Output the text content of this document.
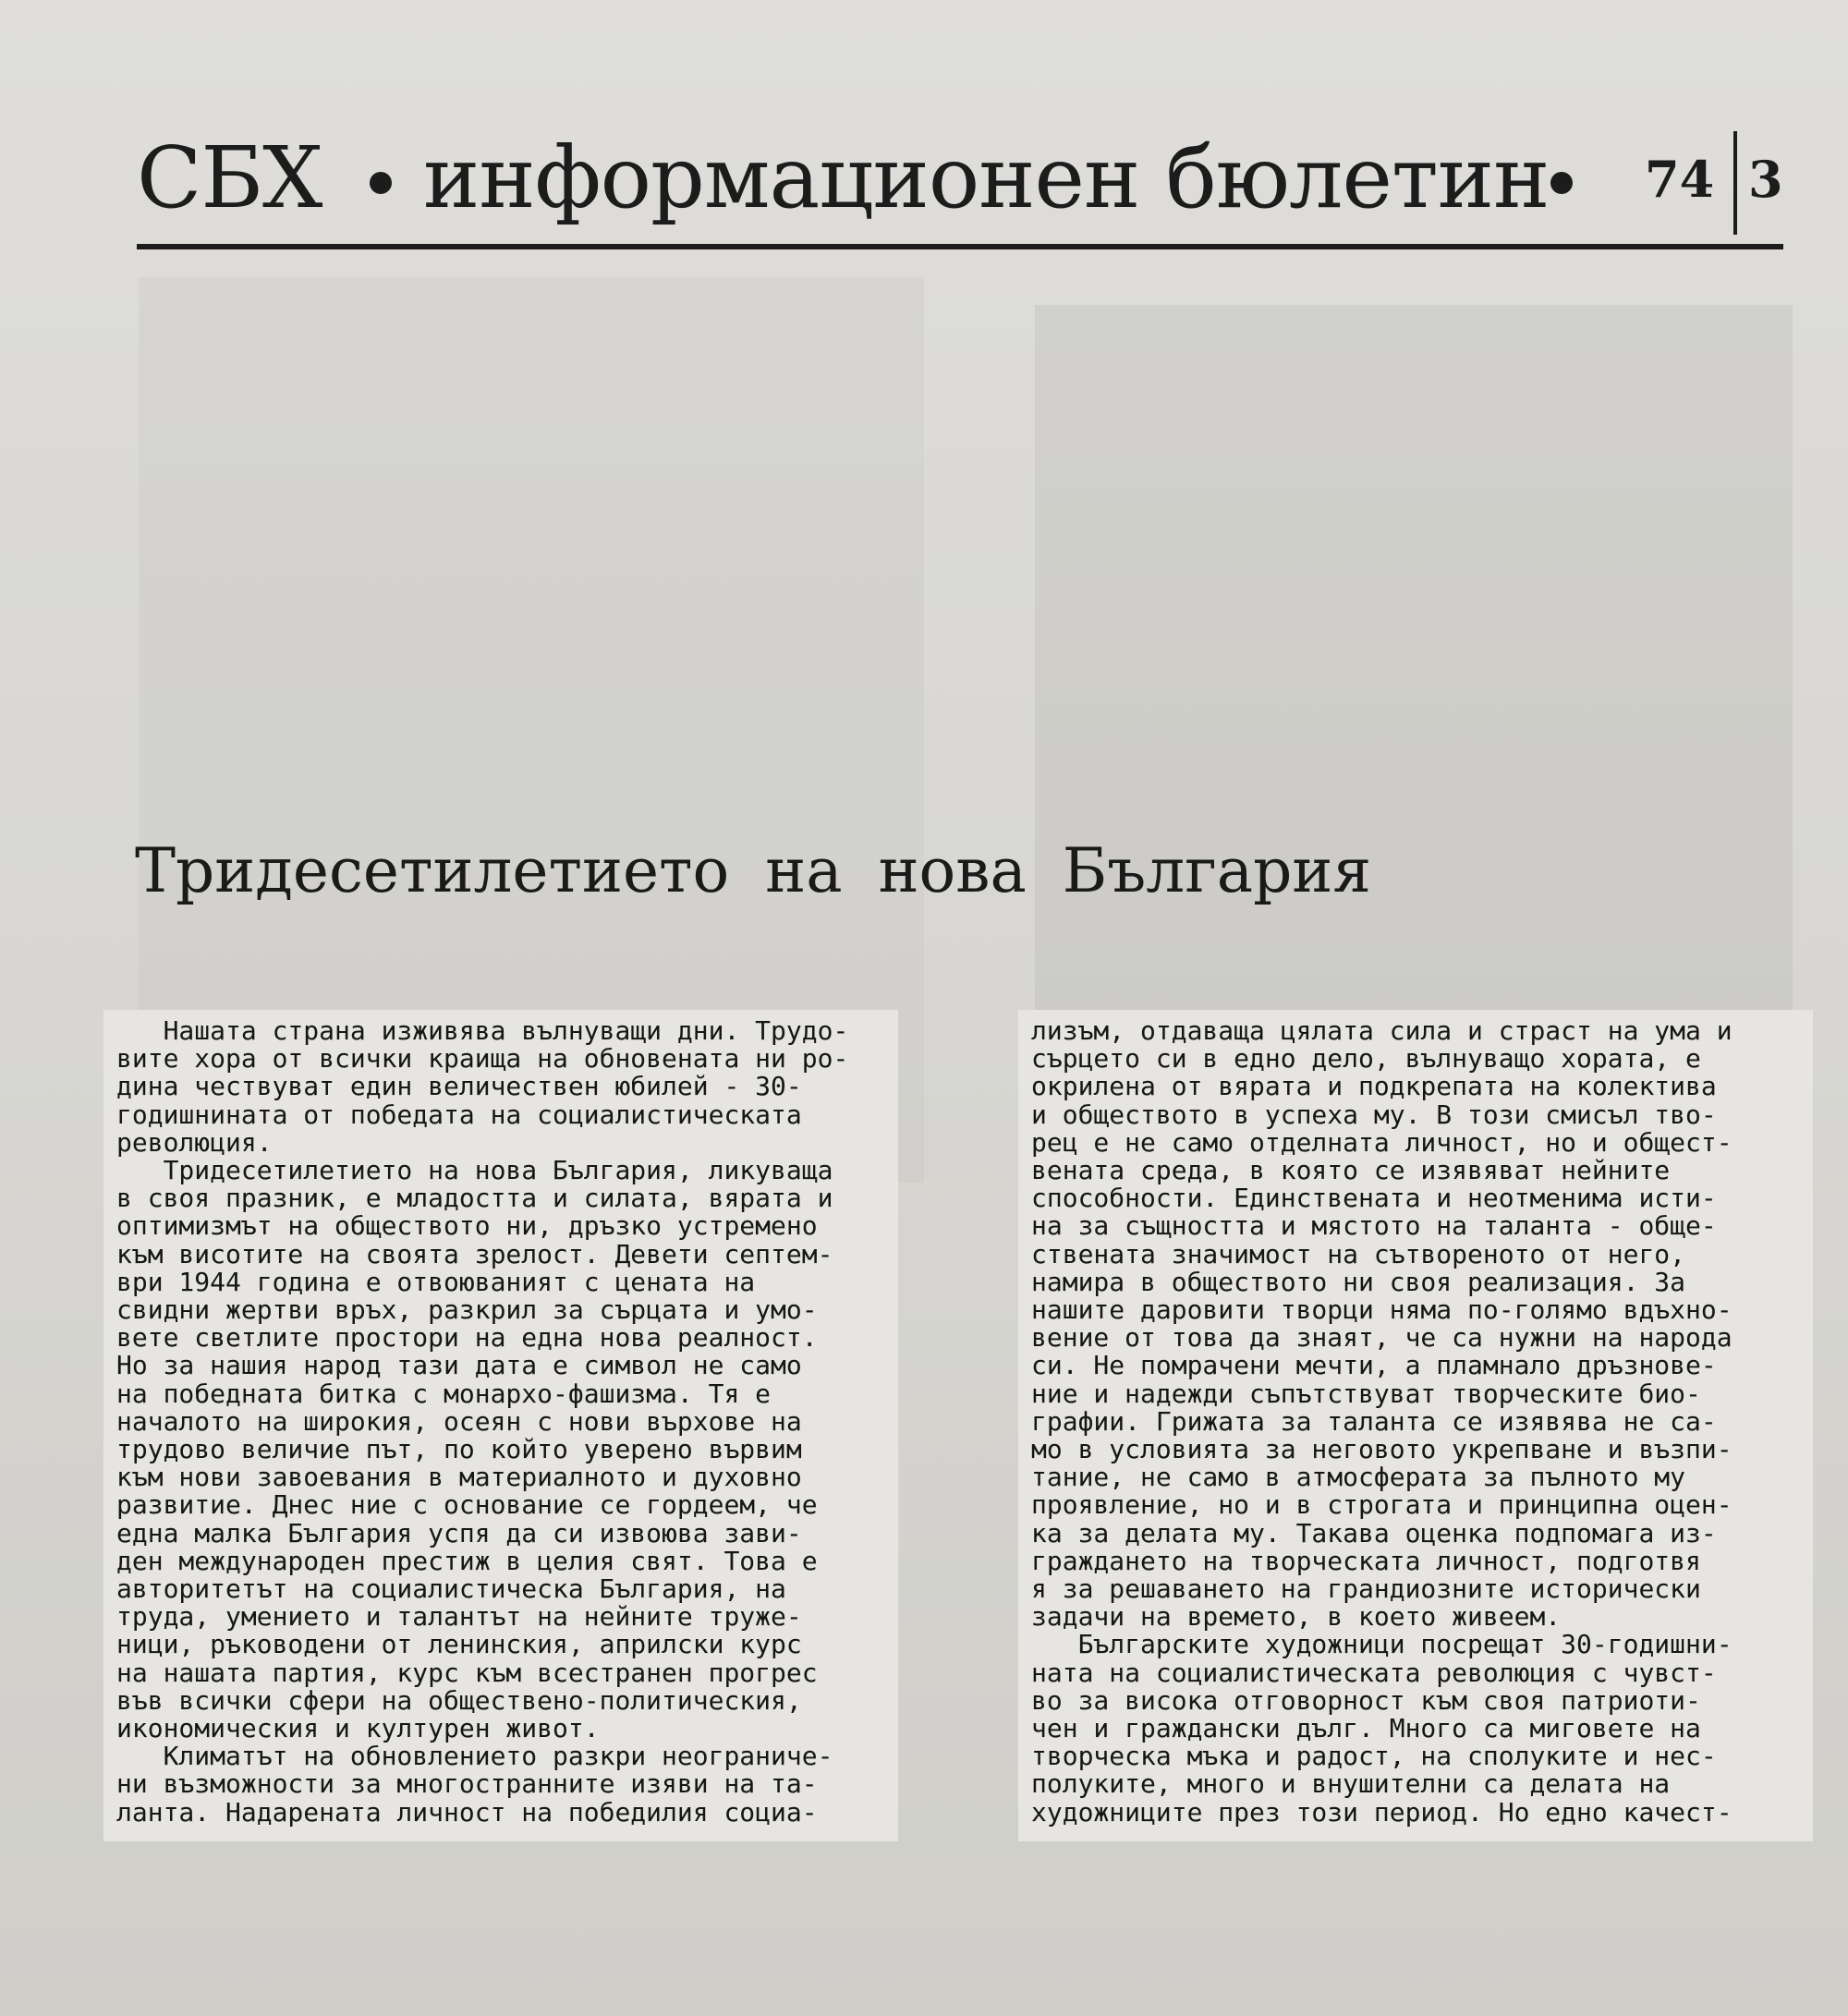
СБХ информационен бюлетин 74 3
Тридесетилетието на нова България
Нашата страна изживява вълнуващи дни. Трудо-
вите хора от всички краища на обновената ни ро-
дина чествуват един величествен юбилей - 30-
годишнината от победата на социалистическата
революция.
Тридесетилетието на нова България, ликуваща
в своя празник, е младостта и силата, вярата и
оптимизмът на обществото ни, дръзко устремено
към висотите на своята зрелост. Девети септем-
ври 1944 година е отвоюваният с цената на
свидни жертви връх, разкрил за сърцата и умо-
вете светлите простори на една нова реалност.
Но за нашия народ тази дата е символ не само
на победната битка с монархо-фашизма. Тя е
началото на широкия, осеян с нови върхове на
трудово величие път, по който уверено вървим
към нови завоевания в материалното и духовно
развитие. Днес ние с основание се гордеем, че
една малка България успя да си извоюва зави-
ден международен престиж в целия свят. Това е
авторитетът на социалистическа България, на
труда, умението и талантът на нейните труже-
ници, ръководени от ленинския, априлски курс
на нашата партия, курс към всестранен прогрес
във всички сфери на обществено-политическия,
икономическия и културен живот.
Климатът на обновлението разкри неограниче-
ни възможности за многостранните изяви на та-
ланта. Надарената личност на победилия социа-
лизъм, отдаваща цялата сила и страст на ума и
сърцето си в едно дело, вълнуващо хората, е
окрилена от вярата и подкрепата на колектива
и обществото в успеха му. В този смисъл тво-
рец е не само отделната личност, но и общест-
вената среда, в която се изявяват нейните
способности. Единствената и неотменима исти-
на за същността и мястото на таланта - обще-
ствената значимост на сътвореното от него,
намира в обществото ни своя реализация. За
нашите даровити творци няма по-голямо вдъхно-
вение от това да знаят, че са нужни на народа
си. Не помрачени мечти, а пламнало дръзнове-
ние и надежди съпътствуват творческите био-
графии. Грижата за таланта се изявява не са-
мо в условията за неговото укрепване и възпи-
тание, не само в атмосферата за пълното му
проявление, но и в строгата и принципна оцен-
ка за делата му. Такава оценка подпомага из-
граждането на творческата личност, подготвя
я за решаването на грандиозните исторически
задачи на времето, в което живеем.
Българските художници посрещат 30-годишни-
ната на социалистическата революция с чувст-
во за висока отговорност към своя патриоти-
чен и граждански дълг. Много са миговете на
творческа мъка и радост, на сполуките и нес-
полуките, много и внушителни са делата на
художниците през този период. Но едно качест-
